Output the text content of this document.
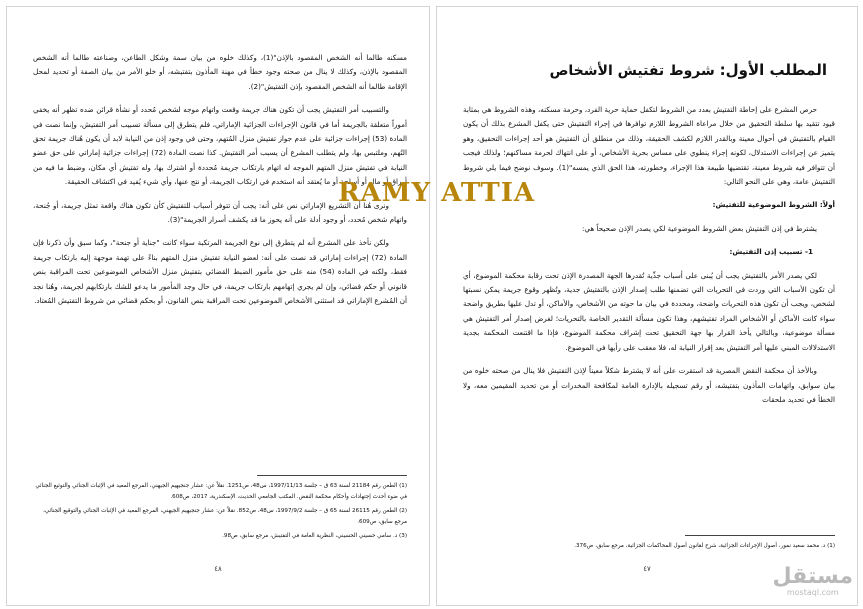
مسكنه طالما أنه الشخص المقصود بالإذن"(1)، وكذلك خلوه من بيان سمة وشكل الطاعن، وصناعته طالما أنه الشخص المقصود بالإذن، وكذلك لا ينال من صحته وجود خطأ في مهنة المأذون بتفتيشه، أو خلو الأمر من بيان الصفة أو تحديد لمحل الإقامة طالما أنه الشخص المقصود بإذن التفتيش"(2).

والتسبيب أمر التفتيش يجب أن تكون هناك جريمة وقعت واتهام موجه لشخص مُحدد أو نشأة قرائن ضده تظهر أنه يخفي أموراً متعلقة بالجريمة أما في قانون الإجراءات الجزائية الإماراتي، فلم يتطرق إلى مسألة تسبيب أمر التفتيش، وإنما نصت في المادة (53) إجراءات جزائية على عدم جواز تفتيش منزل المُتهم، وحتى في وجود إذن من النيابة لابد أن يكون هُناك جريمة تحق التُهم، وملتبس بها، ولم يتطلب المشرع أن يسبب أمر التفتيش. كذا نصت المادة (72) إجراءات جزائية إماراتي على حق عضو النيابة في تفتيش منزل المتهم الموجه له اتهام بارتكاب جريمة مُحددة أو اشترك بها، وله تفتيش أي مكان، وضبط ما فيه من أوراق أو مال أو أسلحة أو ما يُعتقد أنه استخدم في ارتكاب الجريمة، أو نتج عنها، وأي شيء يُفيد في اكتشاف الحقيقة.

ونرى هُنا أن التشريع الإماراتي نص على أنه: يجب أن تتوفر أسباب للتفتيش كأن تكون هناك واقعة تمثل جريمة، أو جُنحة، واتهام شخص مُحدد، أو وجود أدلة على أنه يحوز ما قد يكشف أسرار الجريمة"(3).

ولكن نأخذ على المشرع أنه لم يتطرق إلى نوع الجريمة المرتكبة سواء كانت "جناية أو جنحة"، وكما سبق وأن ذكرنا فإن المادة (72) إجراءات إماراتي قد نصت على أنه: لعضو النيابة تفتيش منزل المتهم بناءً على تهمة موجهة إليه بارتكاب جريمة فقط، ولكنه في المادة (54) منه على حق مأمور الضبط القضائي بتفتيش منزل الأشخاص الموضوعين تحت المراقبة بنص قانوني أو حكم قضائي، وإن لم يجري إتهامهم بارتكاب جريمة، في حال وجد المأمور ما يدعو للشك بارتكابهم لجريمة، وهُنا نجد أن المُشرع الإماراتي قد استثنى الأشخاص الموضوعين تحت المراقبة بنص القانون، أو بحكم قضائي من شروط التفتيش المُعتاد.

(1) الطعن رقم 21184 لسنة 63 ق – جلسة 1997/11/13، س48، ص1251. نقلاً عن: عشار جنجيهيم الجيهني، المرجع المعيد في الإثبات الجنائي والتوثيع الجنائي في ضوء أحدث إجتهادات وأحكام محكمة النقض. المكتب الجامعي الحديث، الإسكندرية، 2017، ص608.

(2) الطعن رقم 26115 لسنة 65 ق – جلسة 1997/9/2، س48، ص852. نقلاً عن: عشار جنجيهيم الجيهني، المرجع المعيد في الإثبات الجنائي والتوقيع الجنائي، مرجع سابق، ص609.

(3) د. سامي حسيني الحسيني، النظرية العامة في التفتيش، مرجع سابق، ص98.

٤٨
المطلب الأول: شروط تفتيش الأشخاص

حرص المشرع على إحاطة التفتيش بعدد من الشروط لتكفل حماية حرية الفرد، وحرمة مسكنه، وهذه الشروط هي بمثابة قيود تتقيد بها سلطة التحقيق من خلال مراعاة الشروط اللازم توافرها في إجراء التفتيش حتى يكفل المشرع بذلك أن يكون القيام بالتفتيش في أحوال معينة وبالقدر اللازم لكشف الحقيقة، وذلك من منطلق أن التفتيش هو أحد إجراءات التحقيق، وهو يتميز عن إجراءات الاستدلال، لكونه إجراء ينطوي على مساس بحرية الأشخاص، أو على انتهاك لحرمة مساكنهم؛ ولذلك فيجب أن تتوافر فيه شروط معينة، تقتضيها طبيعة هذا الإجراء، وخطورته، هذا الحق الذي يمسه"(1). وسوف نوضح فيما يلي شروط التفتيش عامة، وهي على النحو التالي:

أولاً: الشروط الموضوعية للتفتيش:

يشترط في إذن التفتيش بعض الشروط الموضوعية لكي يصدر الإذن صحيحاً هي:

1- تسبيب إذن التفتيش:

لكي يصدر الأمر بالتفتيش يجب أن يُبنى على أسباب جدِّية تُقدرها الجهة المصدرة الإذن تحت رقابة محكمة الموضوع، أي أن تكون الأسباب التي وردت في التحريات التي تضمنها طلب إصدار الإذن بالتفتيش جدية، وتُظهر وقوع جريمة يمكن نسبتها لشخص، ويجب أن تكون هذه التحريات واضحة، ومحددة في بيان ما حوته من الأشخاص، والأماكن، أو تدل عليها بطريق واضحة سواء كانت الأماكن أو الأشخاص المراد تفتيشهم، وهذا تكون مسألة التقدير الخاصة بالتحريات؛ لغرض إصدار أمر التفتيش هي مسألة موضوعية، وبالتالي يأخذ القرار بها جهة التحقيق تحت إشراف محكمة الموضوع، فإذا ما اقتنعت المحكمة بجدية الاستدلالات المبني عليها أمر التفتيش بعد إقرار النيابة له، فلا معقب على رأيها في الموضوع.

وبالأخذ أن محكمة النقض المصرية قد استقرت على أنه لا يشترط شكلاً معيناً لإذن التفتيش فلا ينال من صحته خلوه من بيان سوابق، واتهامات المأذون بتفتيشه، أو رقم تسجيله بالإدارة العامة لمكافحة المخدرات أو من تحديد المقيمين معه، ولا الخطأ في تحديد ملحقات

(1) د. محمد سعيد نمور، أصول الإجراءات الجزائية، شرح لقانون أصول المحاكمات الجزائية، مرجع سابق، ص376.

٤٧
RAMY ATTIA
مستقل
mostaql.com
